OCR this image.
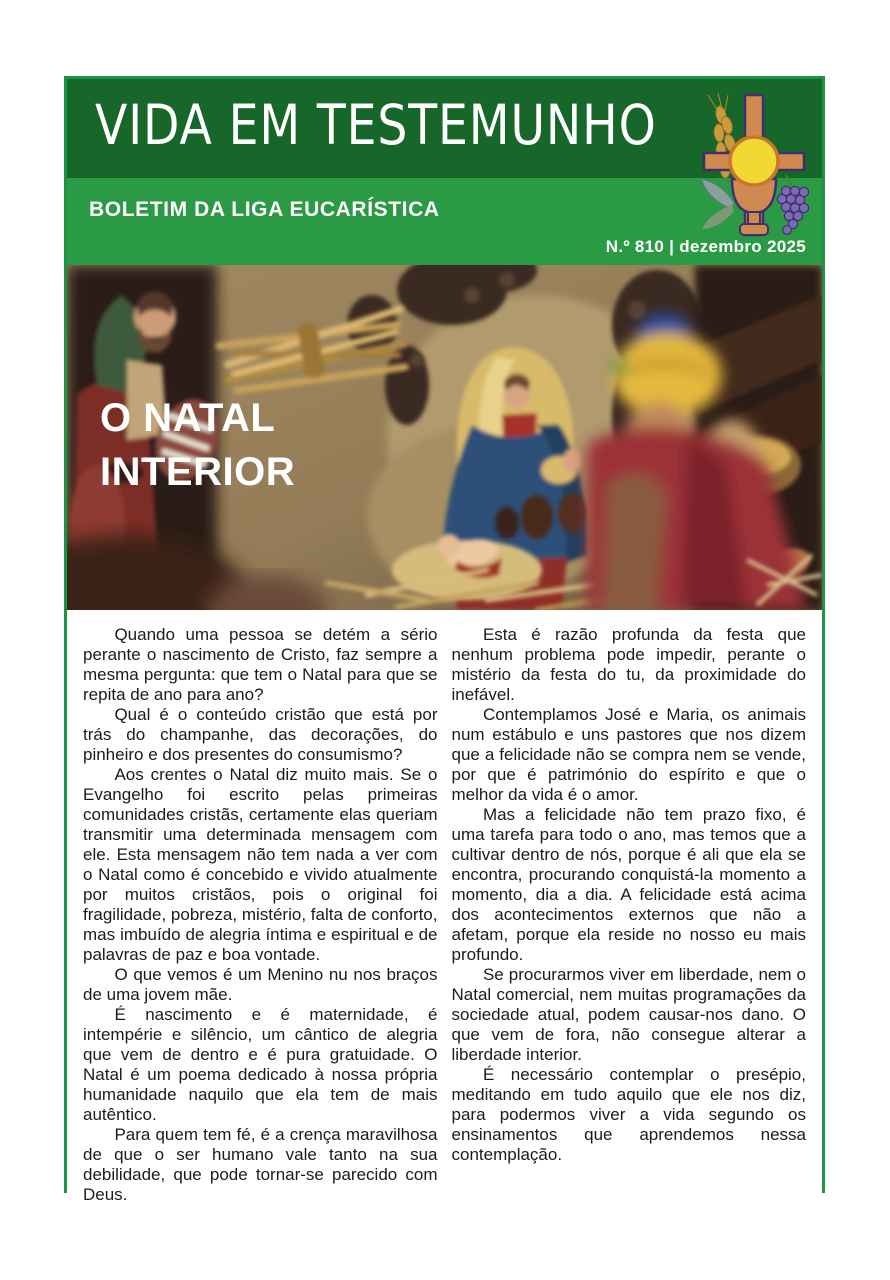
VIDA EM TESTEMUNHO
BOLETIM DA LIGA EUCARÍSTICA
N.º 810 | dezembro 2025
O NATAL
INTERIOR

Quando uma pessoa se detém a sério perante o nascimento de Cristo, faz sempre a mesma pergunta: que tem o Natal para que se repita de ano para ano?

Qual é o conteúdo cristão que está por trás do champanhe, das decorações, do pinheiro e dos presentes do consumismo?

Aos crentes o Natal diz muito mais. Se o Evangelho foi escrito pelas primeiras comunidades cristãs, certamente elas queriam transmitir uma determinada mensagem com ele. Esta mensagem não tem nada a ver com o Natal como é concebido e vivido atualmente por muitos cristãos, pois o original foi fragilidade, pobreza, mistério, falta de conforto, mas imbuído de alegria íntima e espiritual e de palavras de paz e boa vontade.

O que vemos é um Menino nu nos braços de uma jovem mãe.

É nascimento e é maternidade, é intempérie e silêncio, um cântico de alegria que vem de dentro e é pura gratuidade. O Natal é um poema dedicado à nossa própria humanidade naquilo que ela tem de mais autêntico.

Para quem tem fé, é a crença maravilhosa de que o ser humano vale tanto na sua debilidade, que pode tornar-se parecido com Deus.

Esta é razão profunda da festa que nenhum problema pode impedir, perante o mistério da festa do tu, da proximidade do inefável.

Contemplamos José e Maria, os animais num estábulo e uns pastores que nos dizem que a felicidade não se compra nem se vende, por que é património do espírito e que o melhor da vida é o amor.

Mas a felicidade não tem prazo fixo, é uma tarefa para todo o ano, mas temos que a cultivar dentro de nós, porque é ali que ela se encontra, procurando conquistá-la momento a momento, dia a dia. A felicidade está acima dos acontecimentos externos que não a afetam, porque ela reside no nosso eu mais profundo.

Se procurarmos viver em liberdade, nem o Natal comercial, nem muitas programações da sociedade atual, podem causar-nos dano. O que vem de fora, não consegue alterar a liberdade interior.

É necessário contemplar o presépio, meditando em tudo aquilo que ele nos diz, para podermos viver a vida segundo os ensinamentos que aprendemos nessa contemplação.
